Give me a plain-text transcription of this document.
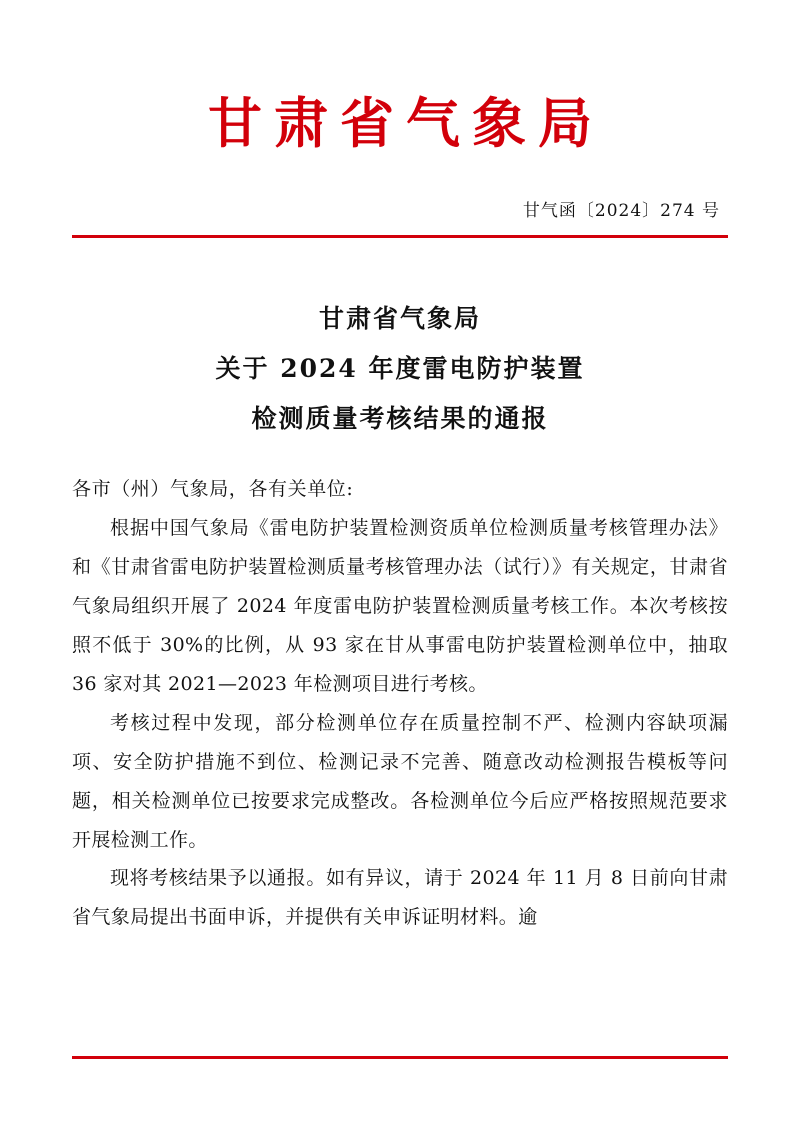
甘肃省气象局
甘气函〔2024〕274 号
甘肃省气象局
关于 2024 年度雷电防护装置
检测质量考核结果的通报
各市（州）气象局，各有关单位:

根据中国气象局《雷电防护装置检测资质单位检测质量考核管理办法》和《甘肃省雷电防护装置检测质量考核管理办法（试行）》有关规定，甘肃省气象局组织开展了 2024 年度雷电防护装置检测质量考核工作。本次考核按照不低于 30%的比例，从 93 家在甘从事雷电防护装置检测单位中，抽取 36 家对其 2021—2023 年检测项目进行考核。

考核过程中发现，部分检测单位存在质量控制不严、检测内容缺项漏项、安全防护措施不到位、检测记录不完善、随意改动检测报告模板等问题，相关检测单位已按要求完成整改。各检测单位今后应严格按照规范要求开展检测工作。

现将考核结果予以通报。如有异议，请于 2024 年 11 月 8 日前向甘肃省气象局提出书面申诉，并提供有关申诉证明材料。逾
